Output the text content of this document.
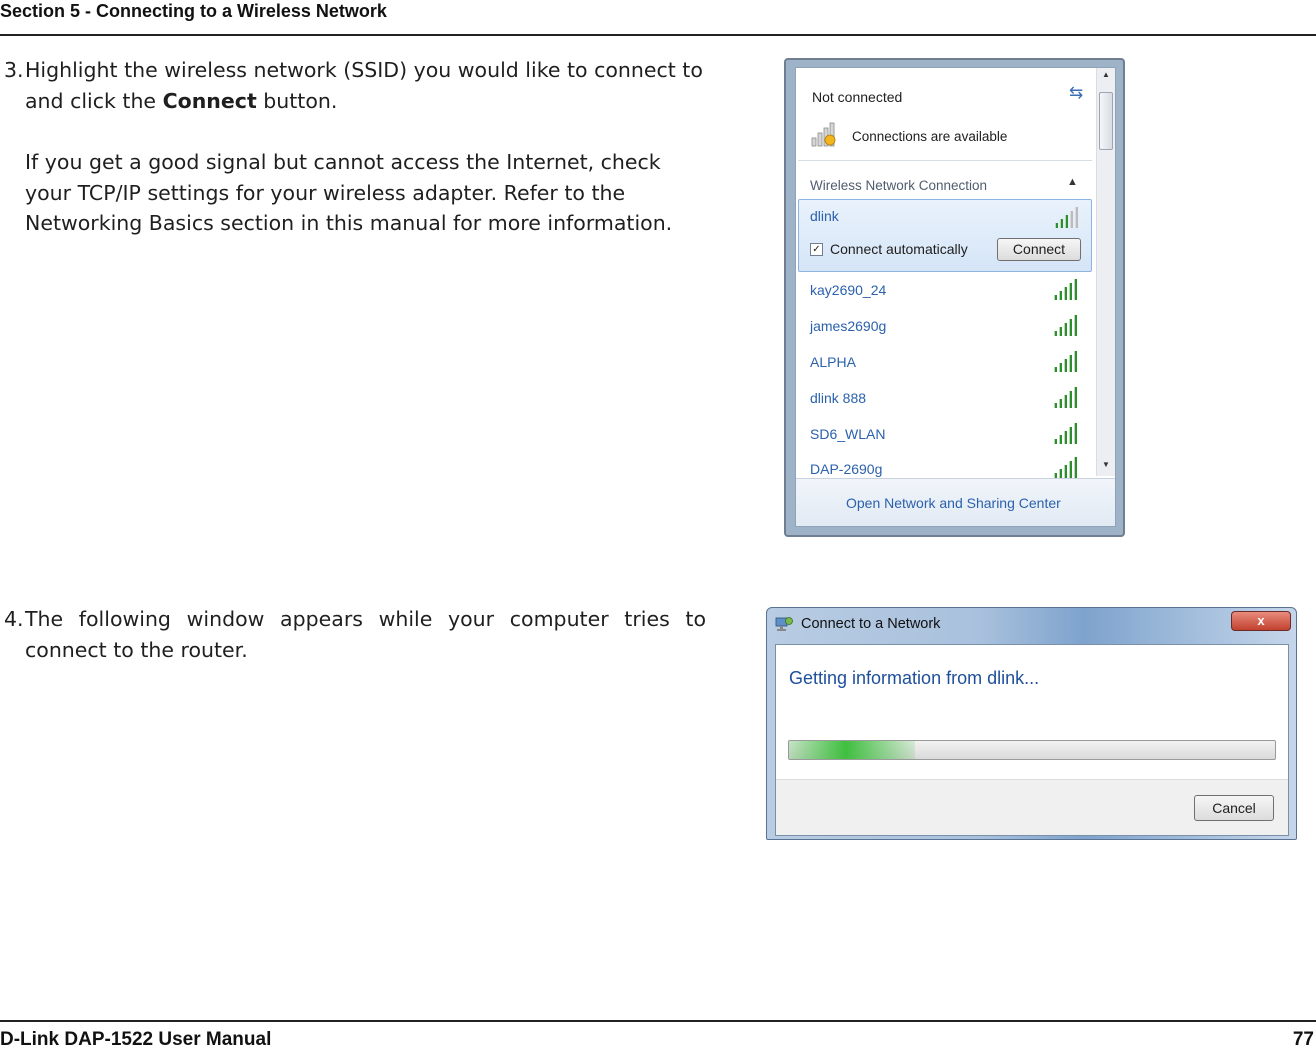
Section 5 - Connecting to a Wireless Network
3. Highlight the wireless network (SSID) you would like to connect to and click the Connect button.

If you get a good signal but cannot access the Internet, check your TCP/IP settings for your wireless adapter. Refer to the Networking Basics section in this manual for more information.

Not connected	⇆
Connections are available
Wireless Network Connection	▲
dlink
✓ Connect automatically	Connect
kay2690_24
james2690g
ALPHA
dlink 888
SD6_WLAN
DAP-2690g
▲
▼
Open Network and Sharing Center
4. The following window appears while your computer tries to connect to the router.

Connect to a Network	x
Getting information from dlink...
Cancel
D-Link DAP-1522 User Manual	77
